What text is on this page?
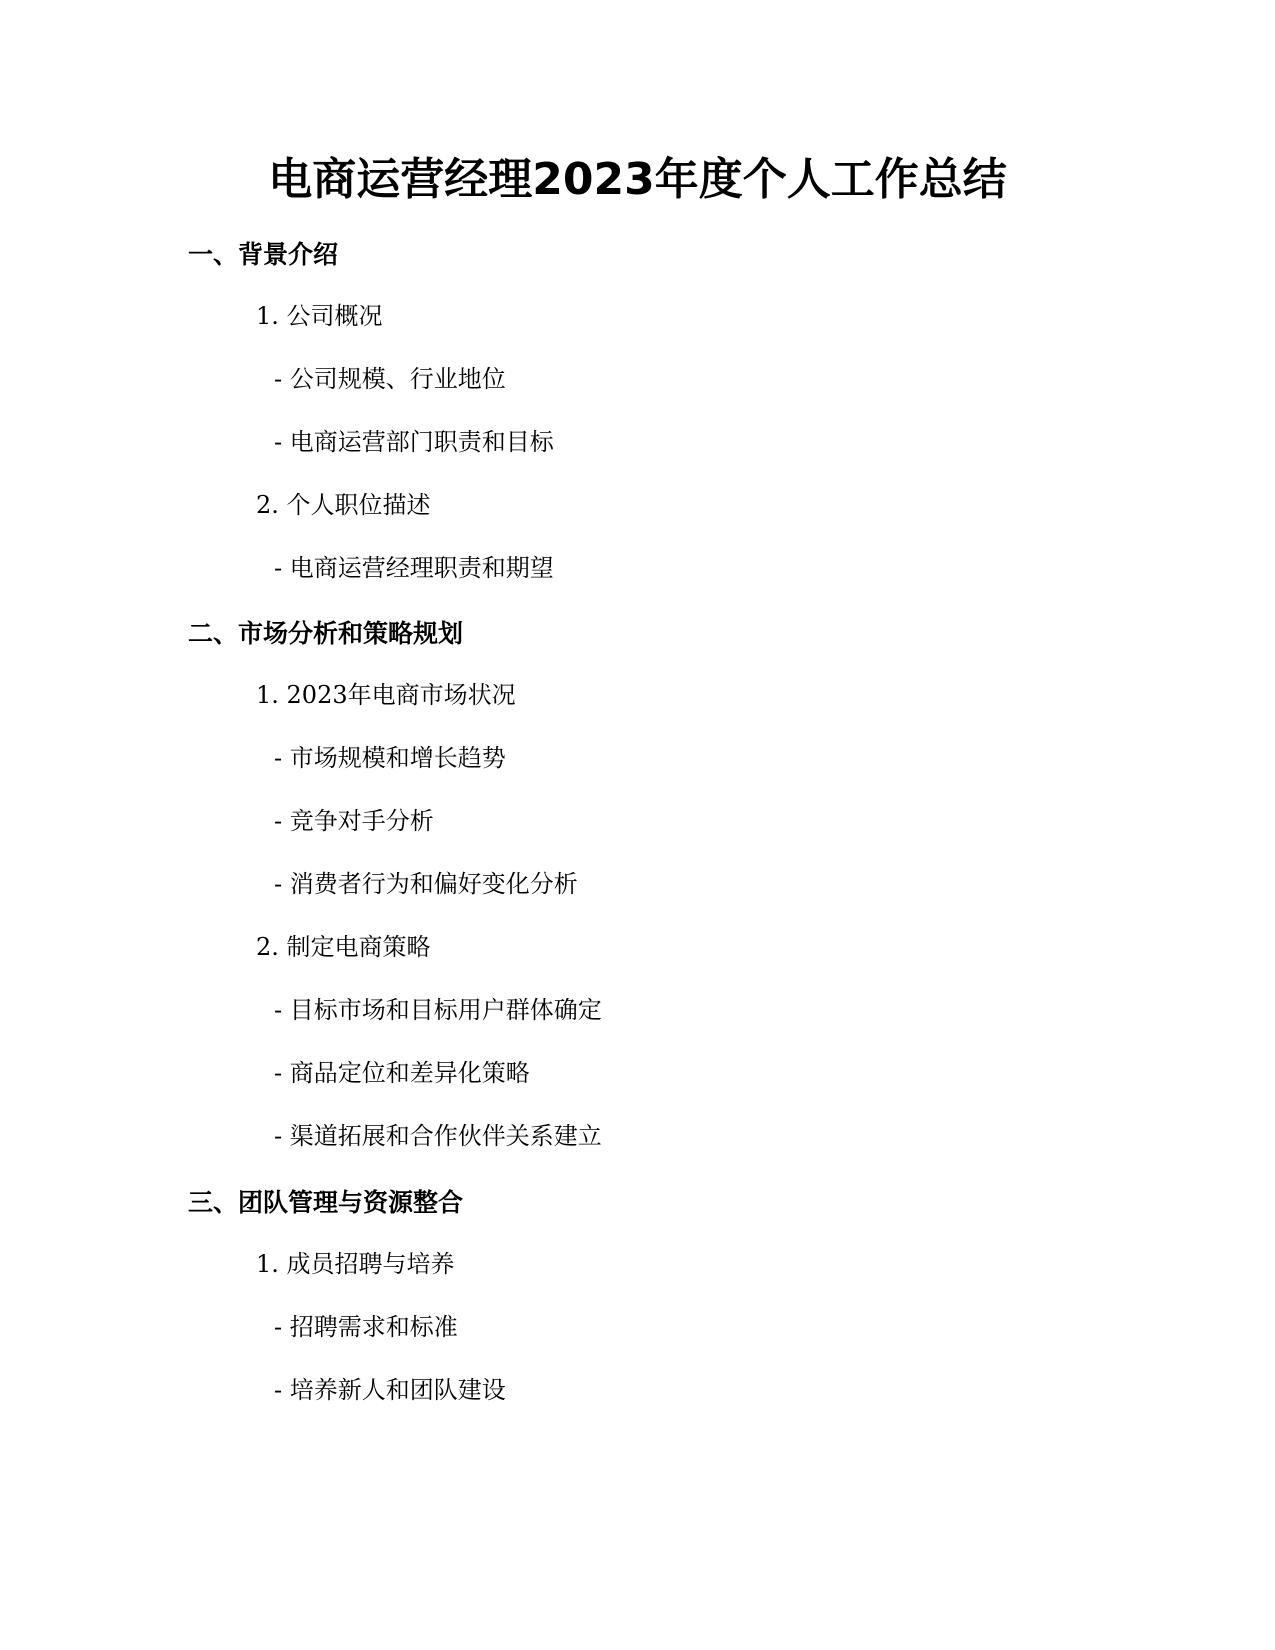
电商运营经理2023年度个人工作总结
一、背景介绍
1. 公司概况
- 公司规模、行业地位
- 电商运营部门职责和目标
2. 个人职位描述
- 电商运营经理职责和期望
二、市场分析和策略规划
1. 2023年电商市场状况
- 市场规模和增长趋势
- 竞争对手分析
- 消费者行为和偏好变化分析
2. 制定电商策略
- 目标市场和目标用户群体确定
- 商品定位和差异化策略
- 渠道拓展和合作伙伴关系建立
三、团队管理与资源整合
1. 成员招聘与培养
- 招聘需求和标准
- 培养新人和团队建设
